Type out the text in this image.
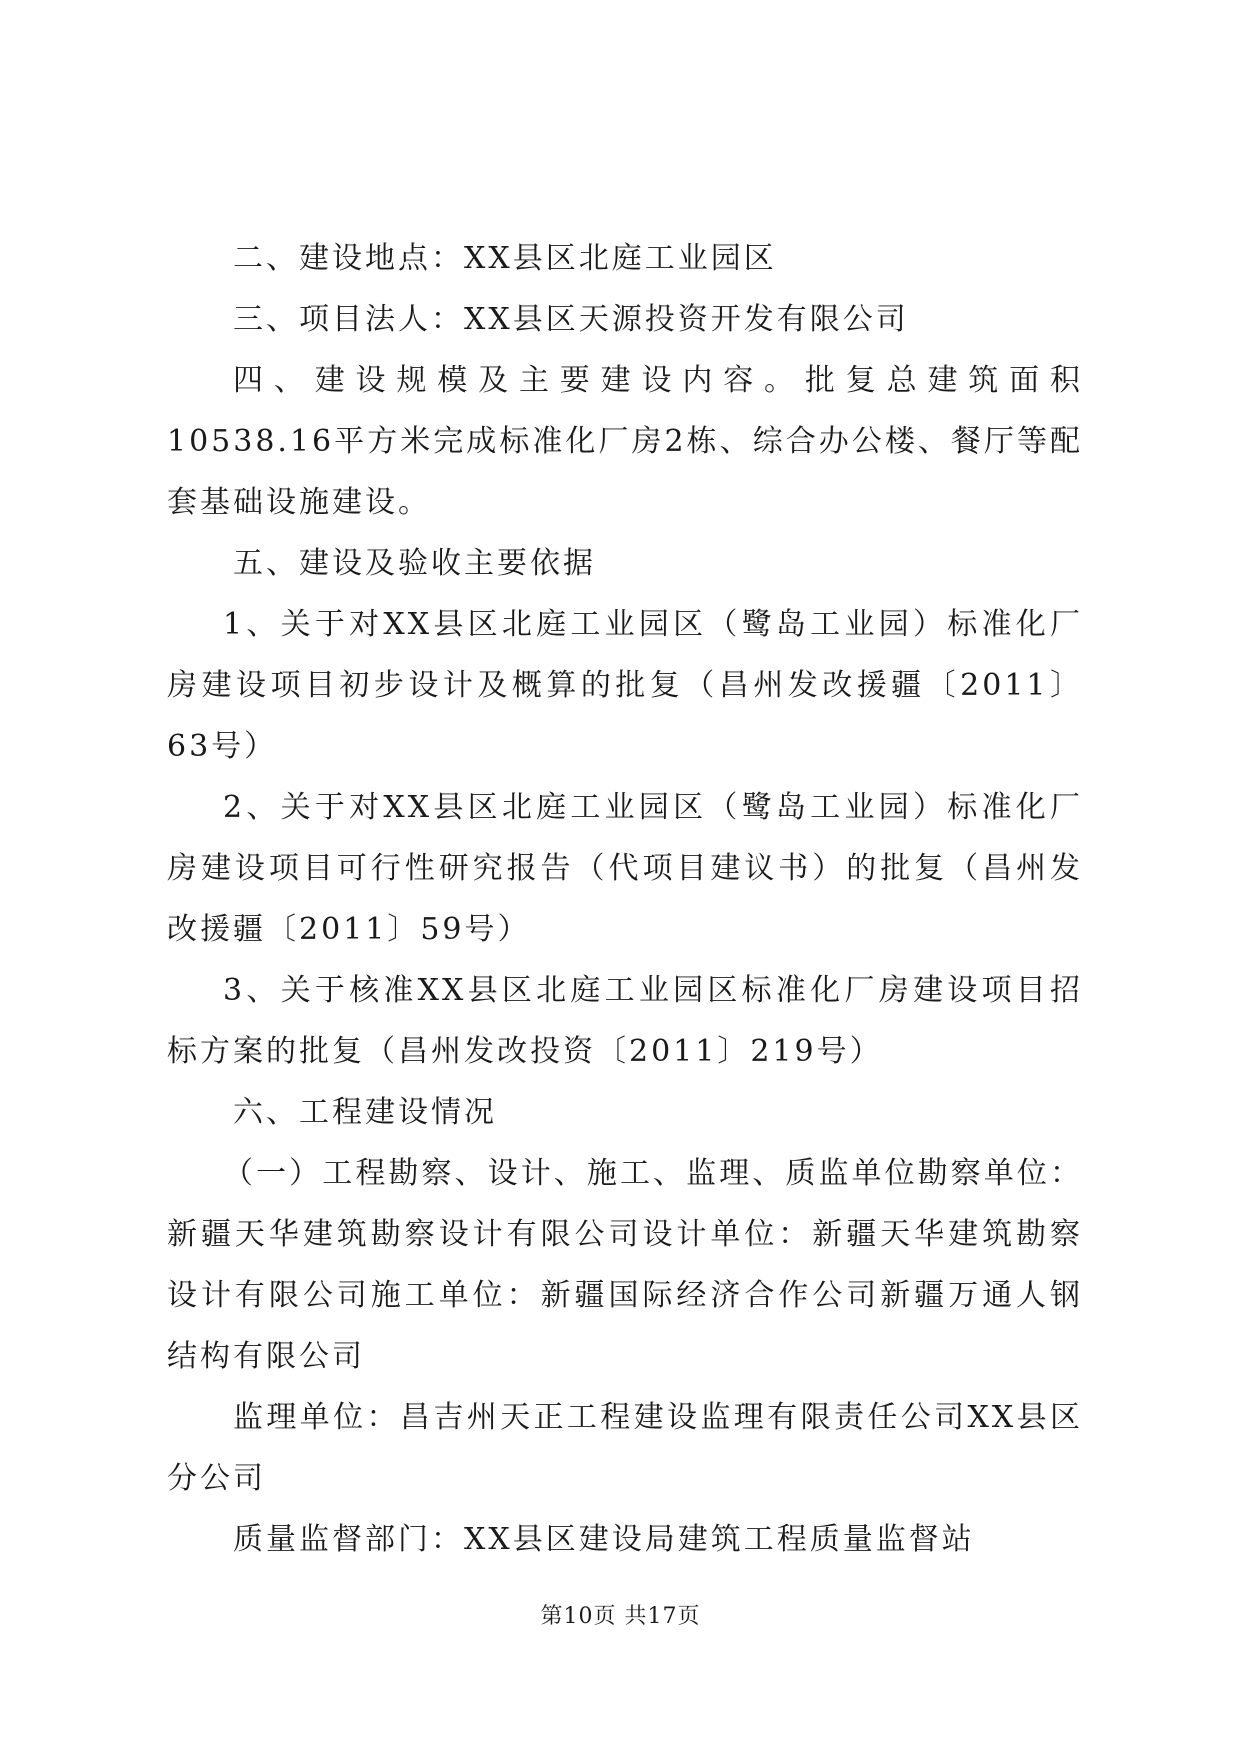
二、建设地点：XX县区北庭工业园区

三、项目法人：XX县区天源投资开发有限公司

四、建设规模及主要建设内容。批复总建筑面积10538.16平方米完成标准化厂房2栋、综合办公楼、餐厅等配套基础设施建设。

五、建设及验收主要依据

1、关于对XX县区北庭工业园区（鹭岛工业园）标准化厂房建设项目初步设计及概算的批复（昌州发改援疆〔2011〕63号）

2、关于对XX县区北庭工业园区（鹭岛工业园）标准化厂房建设项目可行性研究报告（代项目建议书）的批复（昌州发改援疆〔2011〕59号）

3、关于核准XX县区北庭工业园区标准化厂房建设项目招标方案的批复（昌州发改投资〔2011〕219号）

六、工程建设情况

（一）工程勘察、设计、施工、监理、质监单位勘察单位：新疆天华建筑勘察设计有限公司设计单位：新疆天华建筑勘察设计有限公司施工单位：新疆国际经济合作公司新疆万通人钢结构有限公司

监理单位：昌吉州天正工程建设监理有限责任公司XX县区分公司

质量监督部门：XX县区建设局建筑工程质量监督站

第10页 共17页
